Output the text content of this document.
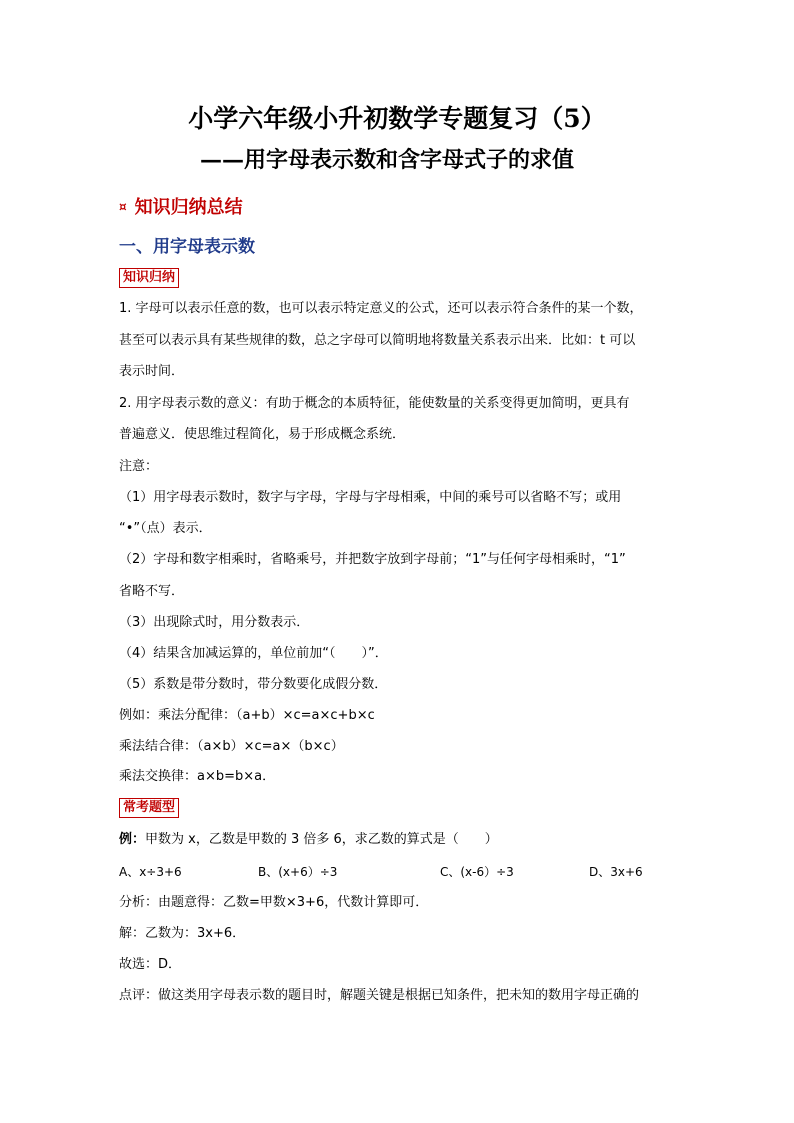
小学六年级小升初数学专题复习（5）
——用字母表示数和含字母式子的求值
¤ 知识归纳总结
一、用字母表示数
知识归纳
1. 字母可以表示任意的数，也可以表示特定意义的公式，还可以表示符合条件的某一个数，
甚至可以表示具有某些规律的数，总之字母可以简明地将数量关系表示出来．比如：t 可以
表示时间．
2. 用字母表示数的意义：有助于概念的本质特征，能使数量的关系变得更加简明，更具有
普遍意义．使思维过程简化，易于形成概念系统．
注意：
（1）用字母表示数时，数字与字母，字母与字母相乘，中间的乘号可以省略不写；或用
“•”（点）表示．
（2）字母和数字相乘时，省略乘号，并把数字放到字母前；“1”与任何字母相乘时，“1”
省略不写．
（3）出现除式时，用分数表示．
（4）结果含加减运算的，单位前加“（　　）”．
（5）系数是带分数时，带分数要化成假分数．
例如：乘法分配律：（a+b）×c=a×c+b×c
乘法结合律：（a×b）×c=a×（b×c）
乘法交换律：a×b=b×a．
常考题型
例：甲数为 x，乙数是甲数的 3 倍多 6，求乙数的算式是（　　）
A、x÷3+6	B、(x+6）÷3	C、(x-6）÷3	D、3x+6
分析：由题意得：乙数=甲数×3+6，代数计算即可．
解：乙数为：3x+6．
故选：D．
点评：做这类用字母表示数的题目时，解题关键是根据已知条件，把未知的数用字母正确的
